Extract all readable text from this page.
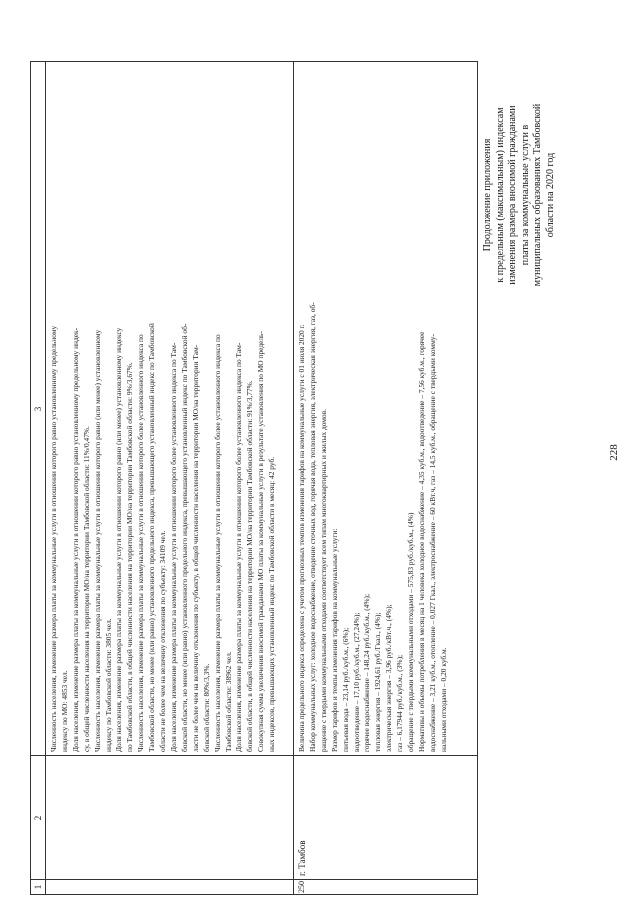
228
Продолжение приложения к предельным (максимальным) индексам изменения размера вносимой гражданами платы за коммунальные услуги в муниципальных образованиях Тамбовской области на 2020 год
1
2
3 Численность населения, изменение размера платы за коммунальные услуги в отношении которого равно установленному предельному индексу по МО: 4853 чел. Доля населения, изменение размера платы за коммунальные услуги в отношении которого равно установленному предельному индек- су, в общей численности населения на территории МО/на территории Тамбовской области: 11%/0,47%. Численность населения, изменение размера платы за коммунальные услуги в отношении которого равно (или менее) установленному индексу по Тамбовской области: 3805 чел. Доля населения, изменение размера платы за коммунальные услуги в отношении которого равно (или менее) установленному индексу по Тамбовской области, в общей численности населения на территории МО/на территории Тамбовской области: 9%/3,67%. Численность населения, изменение размера платы за коммунальные услуги в отношении которого более установленного индекса по Тамбовской области, но менее (или равно) установленного предельного индекса, превышающего установленный индекс по Тамбовской области не более чем на величину отклонения по субъекту: 34109 чел. Доля населения, изменение размера платы за коммунальные услуги в отношении которого более установленного индекса по Там- бовской области, но менее (или равно) установленного предельного индекса, превышающего установленный индекс по Тамбовской об- ласти не более чем на величину отклонения по субъекту, в общей численности населения на территории МО/на территории Там- бовской области: 80%/3,3%. Численность населения, изменение размера платы за коммунальные услуги в отношении которого более установленного индекса по Тамбовской области: 38962 чел. Доля населения, изменение размера платы за коммунальные услуги в отношении которого более установленного индекса по Там- бовской области, в общей численности населения на территории МО/на территории Тамбовской области: 91%/3,77%. Совокупная сумма увеличения вносимой гражданами МО платы за коммунальные услуги в результате установления по МО предель- ных индексов, превышающих установленный индекс по Тамбовской области в месяц: 42 руб.
250
г. Тамбов
Величина предельного индекса определена с учетом прогнозных темпов изменения тарифов на коммунальные услуги с 01 июля 2020 г. Набор коммунальных услуг: холодное водоснабжение, отведение сточных вод, горячая вода, тепловая энергия, электрическая энергия, газ, об- ращение с твердыми коммунальными отходами соответствует всем типам многоквартирных и жилых домов. Размер тарифов и темпы изменения тарифов на коммунальные услуги: питьевая вода – 23,14 руб./куб.м., (6%); водоотведение – 17,10 руб./куб.м., (27,24%); горячее водоснабжение – 148,24 руб./куб.м., (4%); тепловая энергия – 1924,61 руб./Гкал., (4%); электрическая энергия – 3,96 руб./кВт.ч., (4%); газ – 6,17944 руб./куб.м., (3%); обращение с твердыми коммунальными отходами – 575,83 руб./куб.м., (4%) Нормативы и объемы потребления в месяц на 1 человека холодное водоснабжение – 4,35 куб.м., водоотведение – 7,56 куб.м., горячее водоснабжение – 3,21 куб.м., отопление – 0,027 Гкал., электроснабжение – 60 кВт.ч, газ – 14,5 куб.м., обращение с твердыми комму- нальными отходами – 0,20 куб.м.
